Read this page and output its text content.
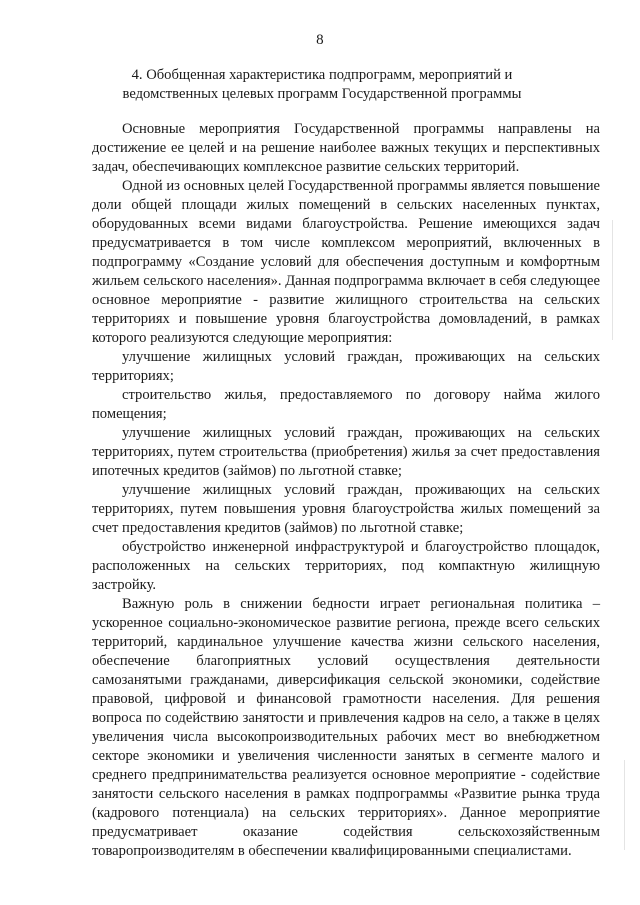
8
4. Обобщенная характеристика подпрограмм, мероприятий и
ведомственных целевых программ Государственной программы

Основные мероприятия Государственной программы направлены на достижение ее целей и на решение наиболее важных текущих и перспективных задач, обеспечивающих комплексное развитие сельских территорий.

Одной из основных целей Государственной программы является повышение доли общей площади жилых помещений в сельских населенных пунктах, оборудованных всеми видами благоустройства. Решение имеющихся задач предусматривается в том числе комплексом мероприятий, включенных в подпрограмму «Создание условий для обеспечения доступным и комфортным жильем сельского населения». Данная подпрограмма включает в себя следующее основное мероприятие - развитие жилищного строительства на сельских территориях и повышение уровня благоустройства домовладений, в рамках которого реализуются следующие мероприятия:

улучшение жилищных условий граждан, проживающих на сельских территориях;

строительство жилья, предоставляемого по договору найма жилого помещения;

улучшение жилищных условий граждан, проживающих на сельских территориях, путем строительства (приобретения) жилья за счет предоставления ипотечных кредитов (займов) по льготной ставке;

улучшение жилищных условий граждан, проживающих на сельских территориях, путем повышения уровня благоустройства жилых помещений за счет предоставления кредитов (займов) по льготной ставке;

обустройство инженерной инфраструктурой и благоустройство площадок, расположенных на сельских территориях, под компактную жилищную застройку.

Важную роль в снижении бедности играет региональная политика – ускоренное социально-экономическое развитие региона, прежде всего сельских территорий, кардинальное улучшение качества жизни сельского населения, обеспечение благоприятных условий осуществления деятельности самозанятыми гражданами, диверсификация сельской экономики, содействие правовой, цифровой и финансовой грамотности населения. Для решения вопроса по содействию занятости и привлечения кадров на село, а также в целях увеличения числа высокопроизводительных рабочих мест во внебюджетном секторе экономики и увеличения численности занятых в сегменте малого и среднего предпринимательства реализуется основное мероприятие - содействие занятости сельского населения в рамках подпрограммы «Развитие рынка труда (кадрового потенциала) на сельских территориях». Данное мероприятие предусматривает оказание содействия сельскохозяйственным товаропроизводителям в обеспечении квалифицированными специалистами.
